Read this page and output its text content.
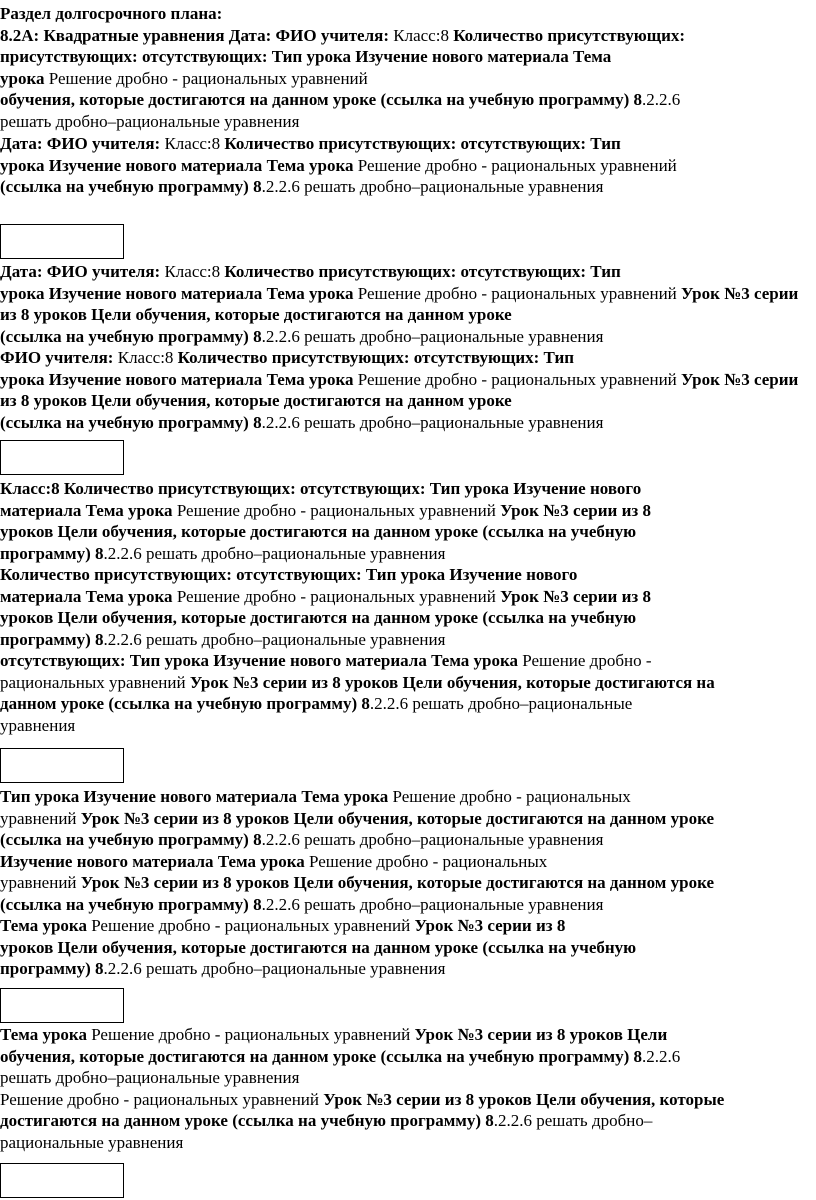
Раздел долгосрочного плана:
8.2А: Квадратные уравнения Дата: ФИО учителя: Класс:8 Количество присутствующих:
присутствующих: отсутствующих: Тип урока Изучение нового материала Тема
урока Решение дробно - рациональных уравнений
обучения, которые достигаются на данном уроке (ссылка на учебную программу) 8.2.2.6
решать дробно–рациональные уравнения

Дата: ФИО учителя: Класс:8 Количество присутствующих: отсутствующих: Тип
урока Изучение нового материала Тема урока Решение дробно - рациональных уравнений
(ссылка на учебную программу) 8.2.2.6 решать дробно–рациональные уравнения

Дата: ФИО учителя: Класс:8 Количество присутствующих: отсутствующих: Тип
урока Изучение нового материала Тема урока Решение дробно - рациональных уравнений Урок №3 серии из 8 уроков Цели обучения, которые достигаются на данном уроке
(ссылка на учебную программу) 8.2.2.6 решать дробно–рациональные уравнения
ФИО учителя: Класс:8 Количество присутствующих: отсутствующих: Тип
урока Изучение нового материала Тема урока Решение дробно - рациональных уравнений Урок №3 серии из 8 уроков Цели обучения, которые достигаются на данном уроке
(ссылка на учебную программу) 8.2.2.6 решать дробно–рациональные уравнения

Класс:8 Количество присутствующих: отсутствующих: Тип урока Изучение нового
материала Тема урока Решение дробно - рациональных уравнений Урок №3 серии из 8
уроков Цели обучения, которые достигаются на данном уроке (ссылка на учебную
программу) 8.2.2.6 решать дробно–рациональные уравнения
Количество присутствующих: отсутствующих: Тип урока Изучение нового
материала Тема урока Решение дробно - рациональных уравнений Урок №3 серии из 8
уроков Цели обучения, которые достигаются на данном уроке (ссылка на учебную
программу) 8.2.2.6 решать дробно–рациональные уравнения
отсутствующих: Тип урока Изучение нового материала Тема урока Решение дробно -
рациональных уравнений Урок №3 серии из 8 уроков Цели обучения, которые достигаются на
данном уроке (ссылка на учебную программу) 8.2.2.6 решать дробно–рациональные
уравнения

Тип урока Изучение нового материала Тема урока Решение дробно - рациональных
уравнений Урок №3 серии из 8 уроков Цели обучения, которые достигаются на данном уроке
(ссылка на учебную программу) 8.2.2.6 решать дробно–рациональные уравнения
Изучение нового материала Тема урока Решение дробно - рациональных
уравнений Урок №3 серии из 8 уроков Цели обучения, которые достигаются на данном уроке
(ссылка на учебную программу) 8.2.2.6 решать дробно–рациональные уравнения
Тема урока Решение дробно - рациональных уравнений Урок №3 серии из 8
уроков Цели обучения, которые достигаются на данном уроке (ссылка на учебную
программу) 8.2.2.6 решать дробно–рациональные уравнения

Тема урока Решение дробно - рациональных уравнений Урок №3 серии из 8 уроков Цели
обучения, которые достигаются на данном уроке (ссылка на учебную программу) 8.2.2.6
решать дробно–рациональные уравнения
Решение дробно - рациональных уравнений Урок №3 серии из 8 уроков Цели обучения, которые
достигаются на данном уроке (ссылка на учебную программу) 8.2.2.6 решать дробно–
рациональные уравнения
